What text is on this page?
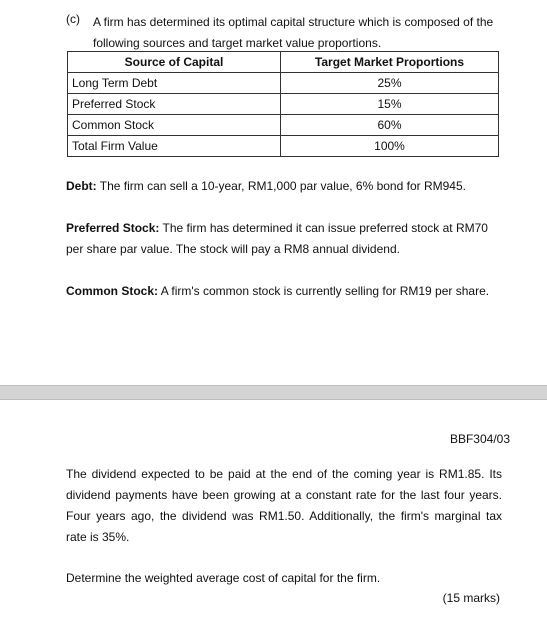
(c) A firm has determined its optimal capital structure which is composed of the following sources and target market value proportions.
Source of Capital	Target Market Proportions
Long Term Debt	25%
Preferred Stock	15%
Common Stock	60%
Total Firm Value	100%
Debt: The firm can sell a 10-year, RM1,000 par value, 6% bond for RM945.
Preferred Stock: The firm has determined it can issue preferred stock at RM70 per share par value. The stock will pay a RM8 annual dividend.
Common Stock: A firm's common stock is currently selling for RM19 per share.
BBF304/03
The dividend expected to be paid at the end of the coming year is RM1.85. Its dividend payments have been growing at a constant rate for the last four years. Four years ago, the dividend was RM1.50. Additionally, the firm's marginal tax rate is 35%.
Determine the weighted average cost of capital for the firm.
(15 marks)
